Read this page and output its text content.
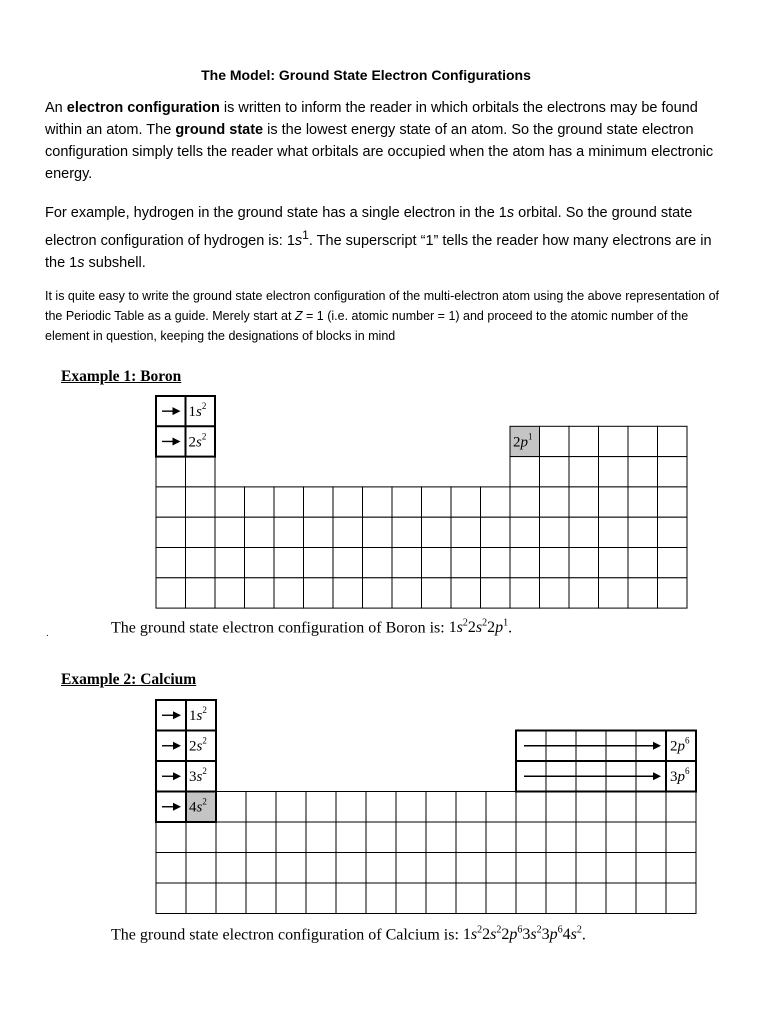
The Model: Ground State Electron Configurations

An electron configuration is written to inform the reader in which orbitals the electrons may be found within an atom. The ground state is the lowest energy state of an atom. So the ground state electron configuration simply tells the reader what orbitals are occupied when the atom has a minimum electronic energy.

For example, hydrogen in the ground state has a single electron in the 1s orbital. So the ground state electron configuration of hydrogen is: $1s^1$. The superscript “1” tells the reader how many electrons are in the 1s subshell.

It is quite easy to write the ground state electron configuration of the multi-electron atom using the above representation of the Periodic Table as a guide. Merely start at Z = 1 (i.e. atomic number = 1) and proceed to the atomic number of the element in question, keeping the designations of blocks in mind

Example 1: Boron
$1s^2$
$2s^2$	$2p^1$
The ground state electron configuration of Boron is: $1s^22s^22p^1$.
.
Example 2: Calcium
$1s^2$
$2s^2$
$3s^2$
$4s^2$
$2p^6$
$3p^6$
The ground state electron configuration of Calcium is: $1s^22s^22p^63s^23p^64s^2$.
